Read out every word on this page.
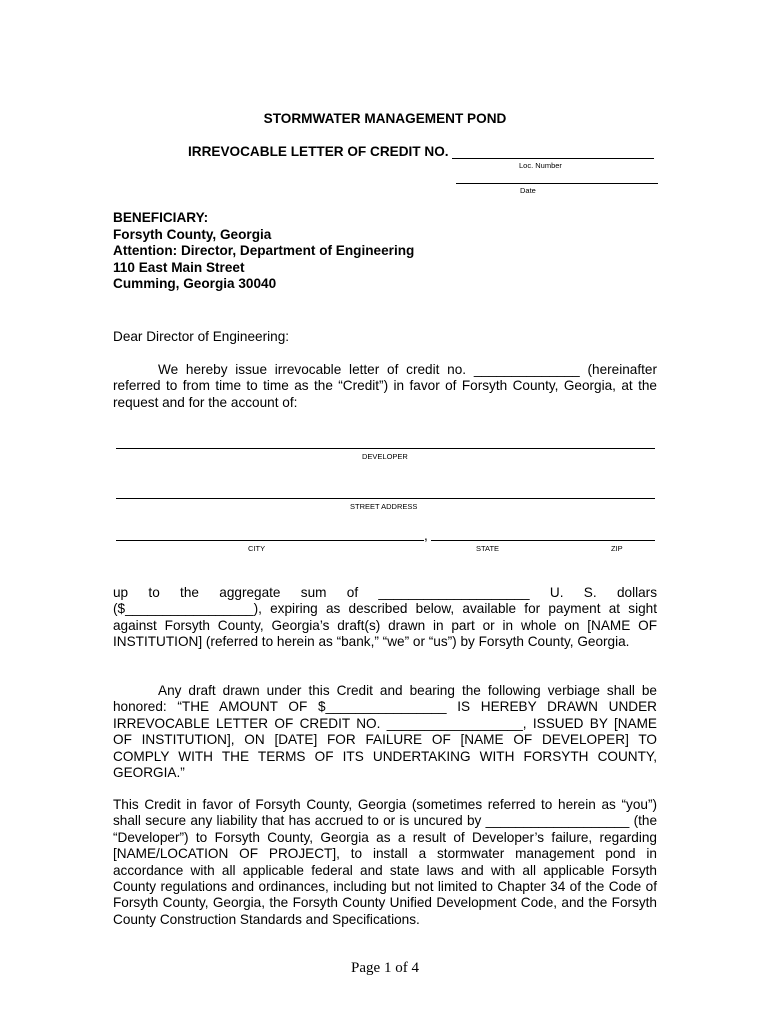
STORMWATER MANAGEMENT POND
IRREVOCABLE LETTER OF CREDIT NO.
Loc. Number
Date
BENEFICIARY:
Forsyth County, Georgia
Attention: Director, Department of Engineering
110 East Main Street
Cumming, Georgia 30040
Dear Director of Engineering:

We hereby issue irrevocable letter of credit no. ______________ (hereinafter referred to from time to time as the “Credit”) in favor of Forsyth County, Georgia, at the request and for the account of:

DEVELOPER
STREET ADDRESS
,
CITY	STATE	ZIP

up to the aggregate sum of ____________________ U. S. dollars ($_________________), expiring as described below, available for payment at sight against Forsyth County, Georgia’s draft(s) drawn in part or in whole on [NAME OF INSTITUTION] (referred to herein as “bank,” “we” or “us”) by Forsyth County, Georgia.

Any draft drawn under this Credit and bearing the following verbiage shall be honored: “THE AMOUNT OF $________________ IS HEREBY DRAWN UNDER IRREVOCABLE LETTER OF CREDIT NO. __________________, ISSUED BY [NAME OF INSTITUTION], ON [DATE] FOR FAILURE OF [NAME OF DEVELOPER] TO COMPLY WITH THE TERMS OF ITS UNDERTAKING WITH FORSYTH COUNTY, GEORGIA.”

This Credit in favor of Forsyth County, Georgia (sometimes referred to herein as “you”) shall secure any liability that has accrued to or is uncured by ___________________ (the “Developer”) to Forsyth County, Georgia as a result of Developer’s failure, regarding [NAME/LOCATION OF PROJECT], to install a stormwater management pond in accordance with all applicable federal and state laws and with all applicable Forsyth County regulations and ordinances, including but not limited to Chapter 34 of the Code of Forsyth County, Georgia, the Forsyth County Unified Development Code, and the Forsyth County Construction Standards and Specifications.

Page 1 of 4
